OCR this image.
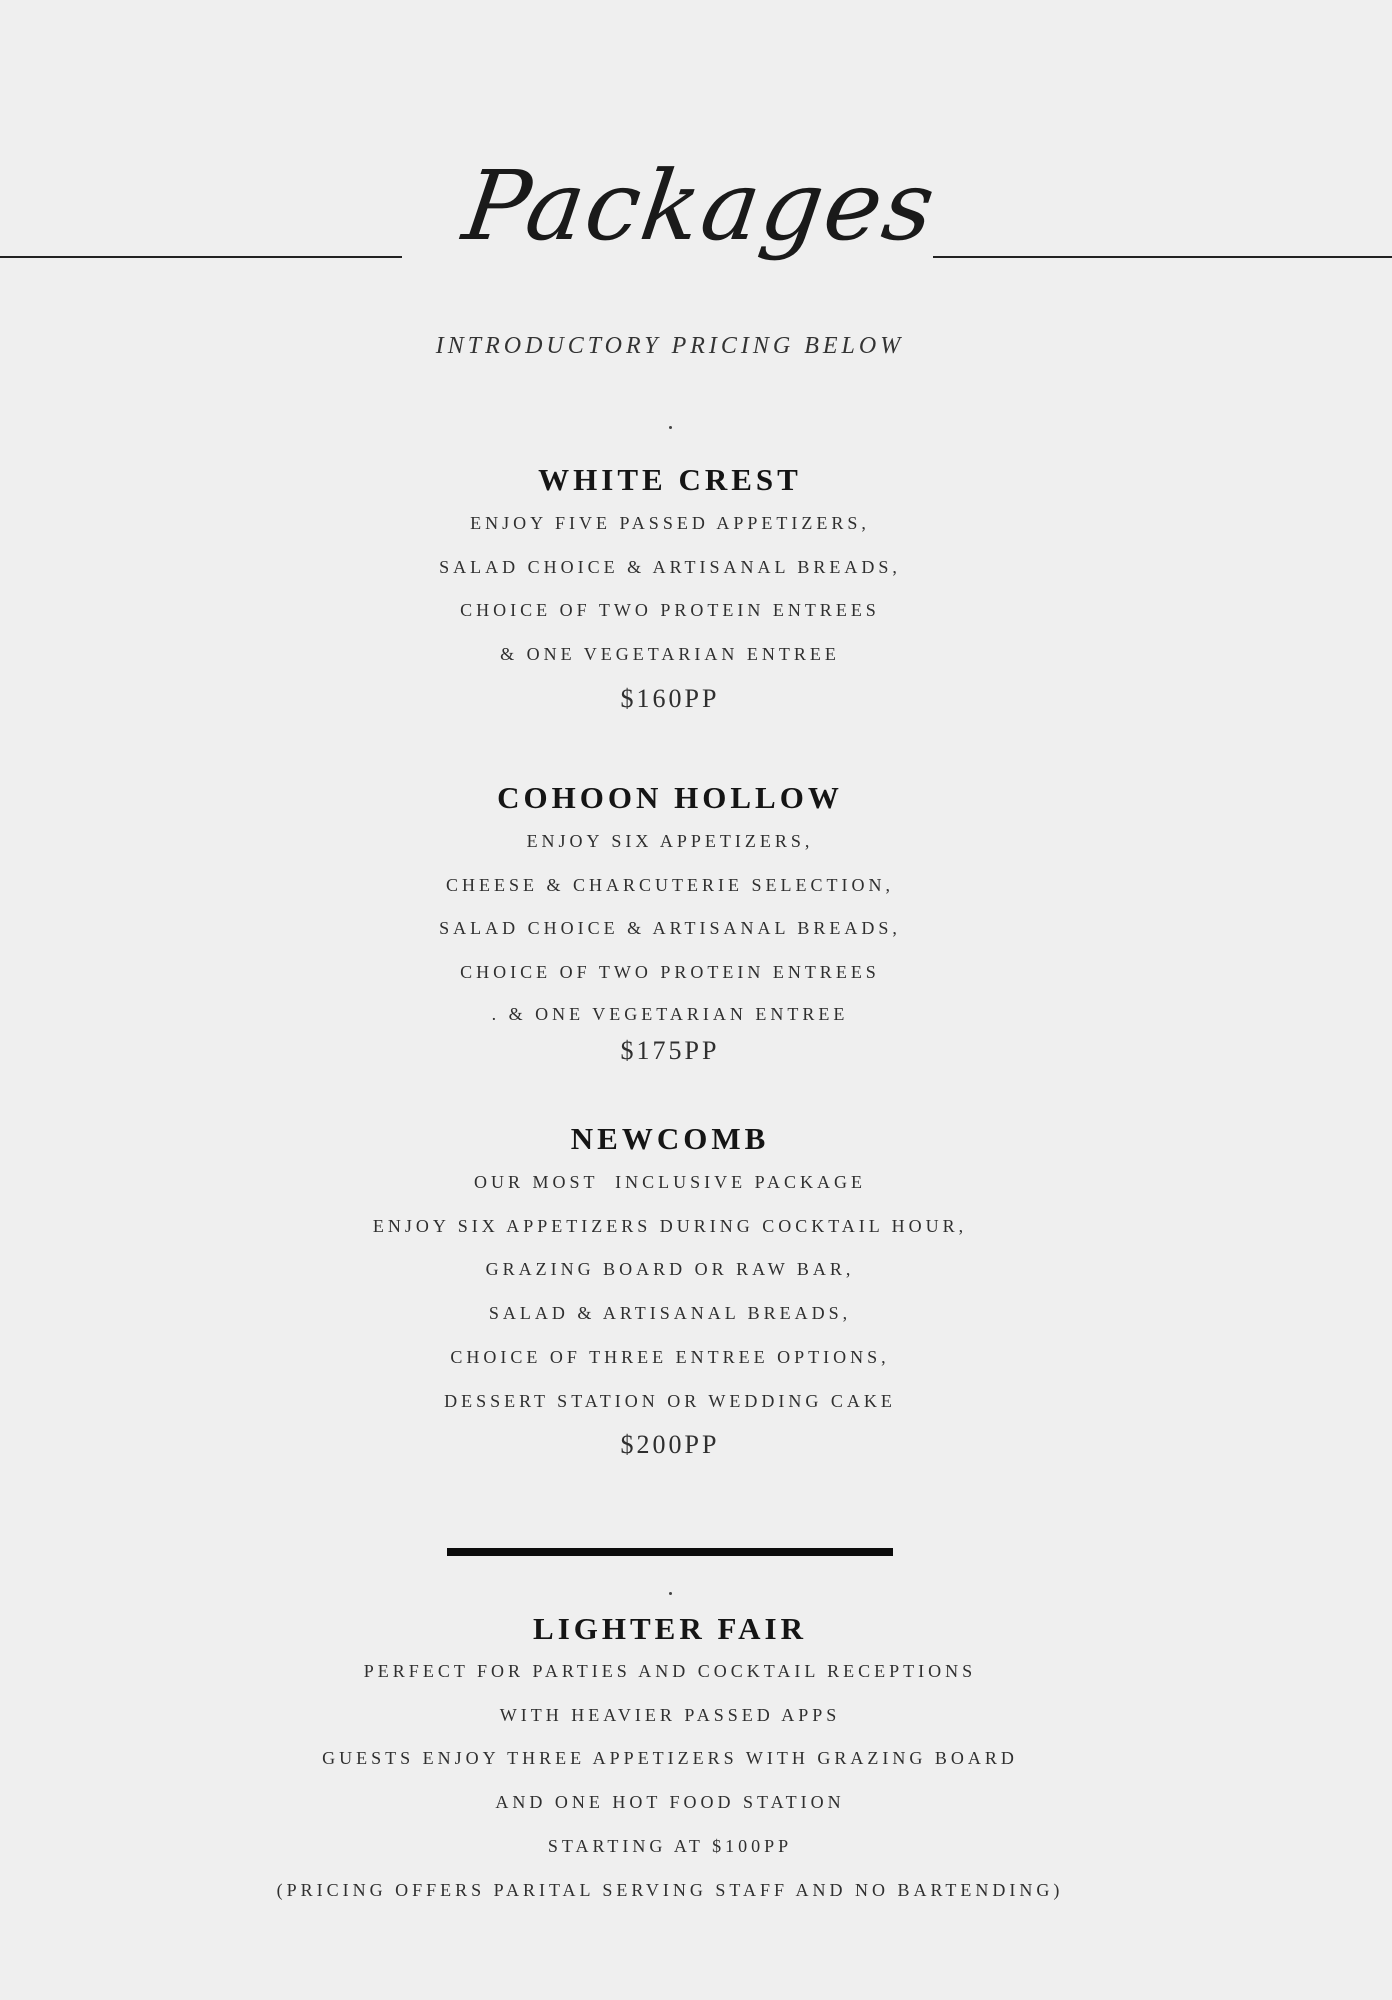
Packages
INTRODUCTORY PRICING BELOW
WHITE CREST
ENJOY FIVE PASSED APPETIZERS,
SALAD CHOICE & ARTISANAL BREADS,
CHOICE OF TWO PROTEIN ENTREES
& ONE VEGETARIAN ENTREE
$160PP
COHOON HOLLOW
ENJOY SIX APPETIZERS,
CHEESE & CHARCUTERIE SELECTION,
SALAD CHOICE & ARTISANAL BREADS,
CHOICE OF TWO PROTEIN ENTREES
. & ONE VEGETARIAN ENTREE
$175PP
NEWCOMB
OUR MOST  INCLUSIVE PACKAGE
ENJOY SIX APPETIZERS DURING COCKTAIL HOUR,
GRAZING BOARD OR RAW BAR,
SALAD & ARTISANAL BREADS,
CHOICE OF THREE ENTREE OPTIONS,
DESSERT STATION OR WEDDING CAKE
$200PP
LIGHTER FAIR
PERFECT FOR PARTIES AND COCKTAIL RECEPTIONS
WITH HEAVIER PASSED APPS
GUESTS ENJOY THREE APPETIZERS WITH GRAZING BOARD
AND ONE HOT FOOD STATION
STARTING AT $100PP
(PRICING OFFERS PARITAL SERVING STAFF AND NO BARTENDING)
